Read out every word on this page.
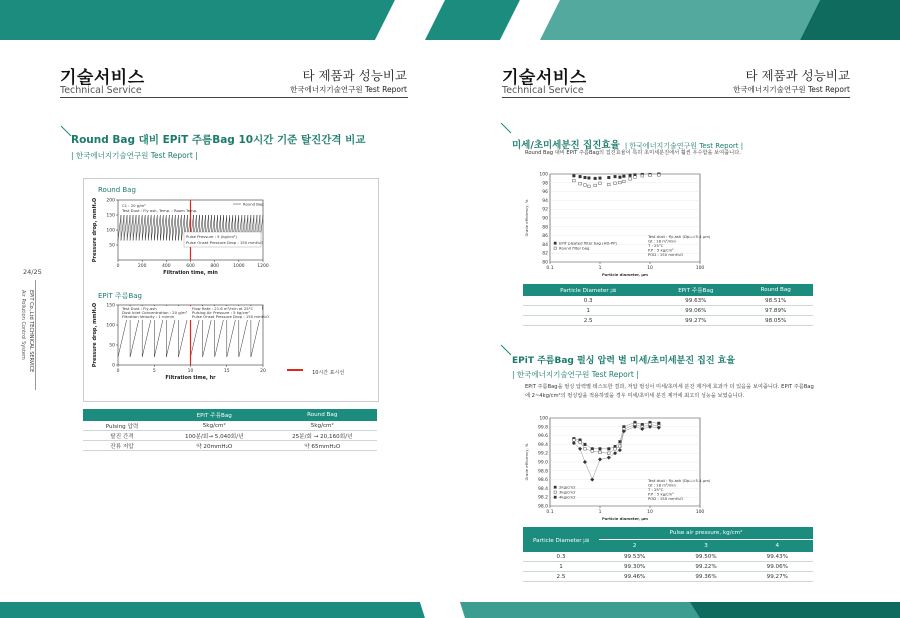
기술서비스
Technical Service
타 제품과 성능비교
한국에너지기술연구원 Test Report
24/25
Air Pollution Control System EPiT Co.,Ltd TECHNICAL SERVICE
Round Bag 대비 EPiT 주름Bag 10시간 기준 탈진간격 비교
| 한국에너지기술연구원 Test Report |
Round Bag
0	200	400	600	800	1000	1200
50
100
150
200
Filtration time, min
Pressure drop, mmH₂O	C1 : 20 g/m³
Test Dust : Fly ash, Temp. : Room Temp.
Pulse Pressure : 5 (kg/cm²)
Pulse Onset Pressure Drop : 150 mmH₂O
Round Bag
EPiT 주름Bag
0	5	10	15	20
0
50
100
150
Filtration time, hr
Pressure drop, mmH₂O	Test Dust : Fly-ash
Dust Inlet Concentration : 20 g/m³
Filtration Velocity : 1 m/min
Flow Rate : 21.6 m³/min at 25°C
Pulsing Air Pressure : 5 kg/cm²
Pulse Onset Pressure Drop : 150 mmH₂O
10시간 표시선
	EPiT 주름Bag	Round Bag
Pulsing 압력	5kg/cm²	5kg/cm²
탈진 간격	100분/회→ 5,040회/년	25분/회 → 20,160회/년
잔류 저압	약 20mmH₂O	약 65mmH₂O
기술서비스
Technical Service
타 제품과 성능비교
한국에너지기술연구원 Test Report
미세/초미세분진 집진효율 | 한국에너지기술연구원 Test Report |
Round Bag 대비 EPiT 주름Bag의 집진효율이 특히 초미세분진에서 훨씬 우수함을 보여줍니다.
100
98
96
94
92
90
88
86
84
82
80
0.1	1	10	100
Particle diameter, μm
Grade efficiency, %
EPiT pleated filter bag (HD-PP)
Round filter bag
Test dust : fly-ash (Dp₅₀=5.4 μm)
Qt : 18 m³/min
T : 25°C
P.P : 5 kg/cm²
POD : 150 mmH₂O
Particle Diameter ㎛	EPiT 주름Bag	Round Bag
0.3	99.63%	98.51%
1	99.06%	97.89%
2.5	99.27%	98.05%
EPiT 주름Bag 펄싱 압력 별 미세/초미세분진 집진 효율
| 한국에너지기술연구원 Test Report |
EPiT 주름Bag을 펄싱 압력별 테스트한 결과, 저압 펄싱이 미세/초미세 분진 제거에 효과가 더 있음을 보여줍니다. EPiT 주름Bag에 2~4kg/cm²의 펄싱압을 적용하였을 경우 미세/초미세 분진 제거에 최고의 성능을 보였습니다.
100
99.8
99.6
99.4
99.2
99.0
98.8
98.6
98.4
98.2
98.0
0.1	1	10	100
Particle diameter, μm
Grade efficiency, %
2kg/cm2
3kg/cm2
4kg/cm2
Test dust : fly-ash (Dp₅₀=5.4 μm)
Qt : 18 m³/min
T : 25°C
P.P : 5 kg/cm²
POD : 150 mmH₂O
Particle Diameter ㎛	Pulse air pressure, kg/cm²		
	2	3	4
0.3	99.53%	99.50%	99.43%
1	99.30%	99.22%	99.06%
2.5	99.46%	99.36%	99.27%
